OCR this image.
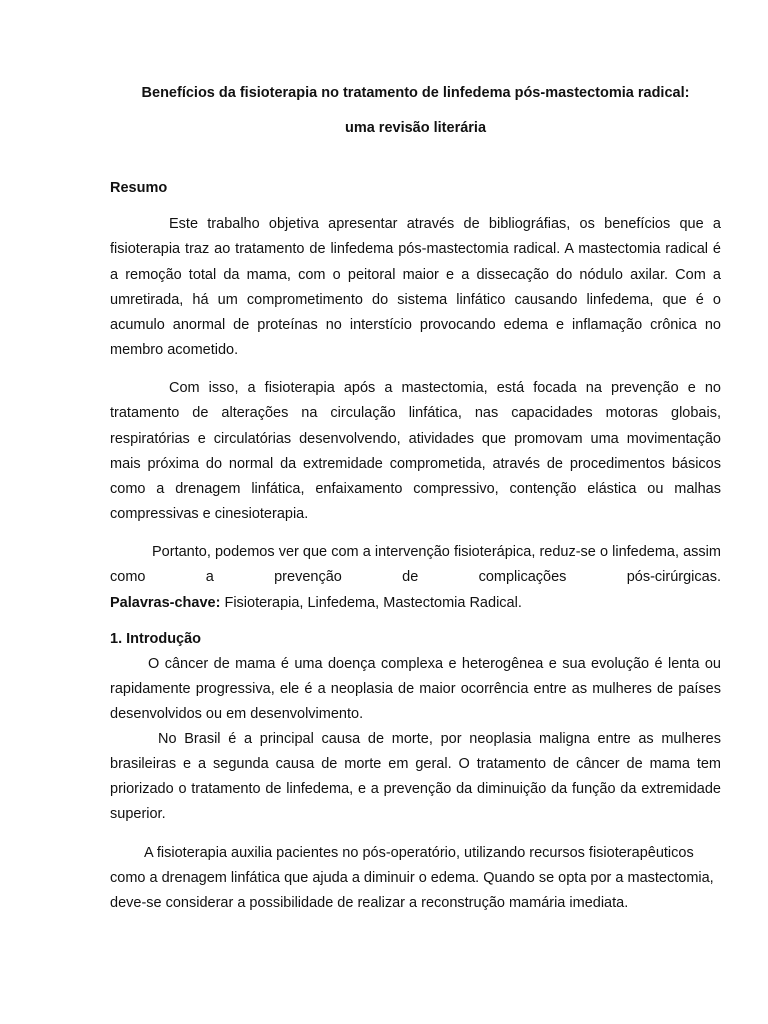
Benefícios da fisioterapia no tratamento de linfedema pós-mastectomia radical:
uma revisão literária
Resumo

Este trabalho objetiva apresentar através de bibliográfias, os benefícios que a fisioterapia traz ao tratamento de linfedema pós-mastectomia radical. A mastectomia radical é a remoção total da mama, com o peitoral maior e a dissecação do nódulo axilar. Com a umretirada, há um comprometimento do sistema linfático causando linfedema, que é o acumulo anormal de proteínas no interstício provocando edema e inflamação crônica no membro acometido.

Com isso, a fisioterapia após a mastectomia, está focada na prevenção e no tratamento de alterações na circulação linfática, nas capacidades motoras globais, respiratórias e circulatórias desenvolvendo, atividades que promovam uma movimentação mais próxima do normal da extremidade comprometida, através de procedimentos básicos como a drenagem linfática, enfaixamento compressivo, contenção elástica ou malhas compressivas e cinesioterapia.

Portanto, podemos ver que com a intervenção fisioterápica, reduz-se o linfedema, assim como a prevenção de complicações pós-cirúrgicas.

Palavras-chave: Fisioterapia, Linfedema, Mastectomia Radical.

1. Introdução

O câncer de mama é uma doença complexa e heterogênea e sua evolução é lenta ou rapidamente progressiva, ele é a neoplasia de maior ocorrência entre as mulheres de países desenvolvidos ou em desenvolvimento.

No Brasil é a principal causa de morte, por neoplasia maligna entre as mulheres brasileiras e a segunda causa de morte em geral. O tratamento de câncer de mama tem priorizado o tratamento de linfedema, e a prevenção da diminuição da função da extremidade superior.

A fisioterapia auxilia pacientes no pós-operatório, utilizando recursos fisioterapêuticos como a drenagem linfática que ajuda a diminuir o edema. Quando se opta por a mastectomia, deve-se considerar a possibilidade de realizar a reconstrução mamária imediata.
